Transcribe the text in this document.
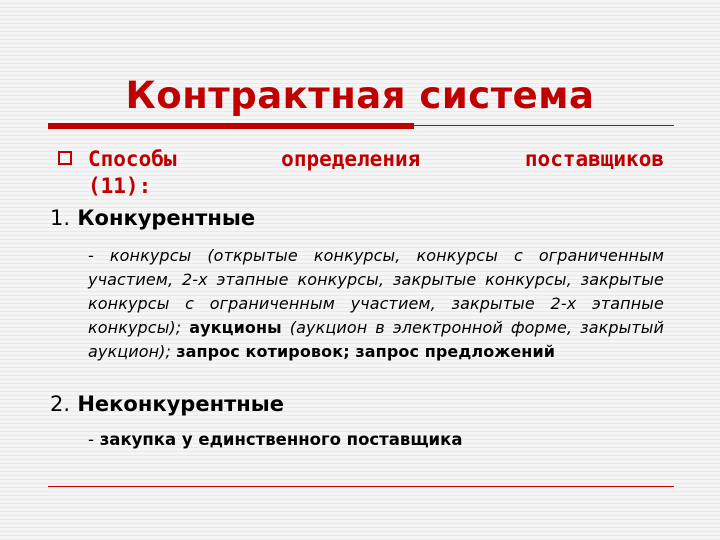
Контрактная система
Способы	определения	поставщиков
(11):
1. Конкурентные
- конкурсы (открытые конкурсы, конкурсы с ограниченным участием, 2-х этапные конкурсы, закрытые конкурсы, закрытые конкурсы с ограниченным участием, закрытые 2-х этапные конкурсы); аукционы (аукцион в электронной форме, закрытый аукцион); запрос котировок; запрос предложений
2. Неконкурентные
- закупка у единственного поставщика
